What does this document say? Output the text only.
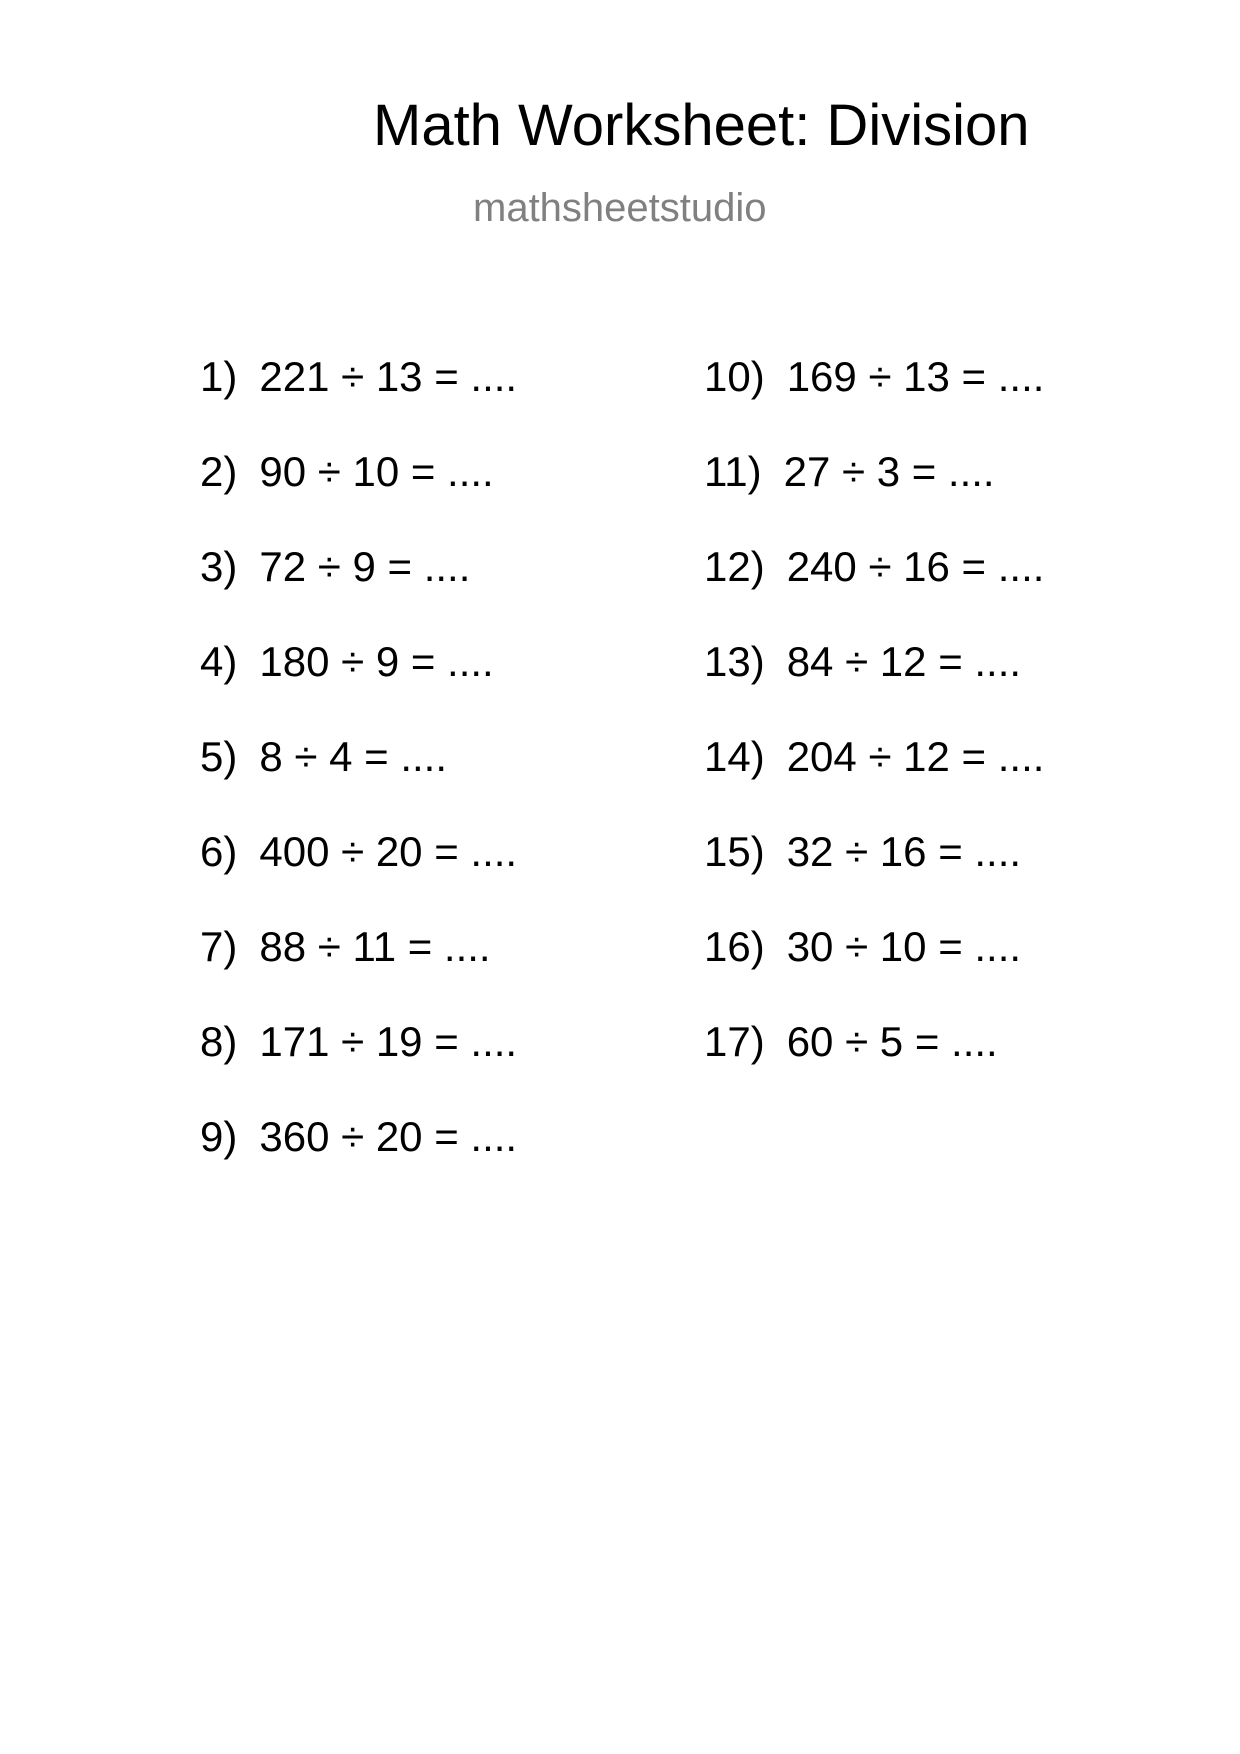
Math Worksheet: Division
mathsheetstudio
1) 221 ÷ 13 = ....
2) 90 ÷ 10 = ....
3) 72 ÷ 9 = ....
4) 180 ÷ 9 = ....
5) 8 ÷ 4 = ....
6) 400 ÷ 20 = ....
7) 88 ÷ 11 = ....
8) 171 ÷ 19 = ....
9) 360 ÷ 20 = ....
10) 169 ÷ 13 = ....
11) 27 ÷ 3 = ....
12) 240 ÷ 16 = ....
13) 84 ÷ 12 = ....
14) 204 ÷ 12 = ....
15) 32 ÷ 16 = ....
16) 30 ÷ 10 = ....
17) 60 ÷ 5 = ....
